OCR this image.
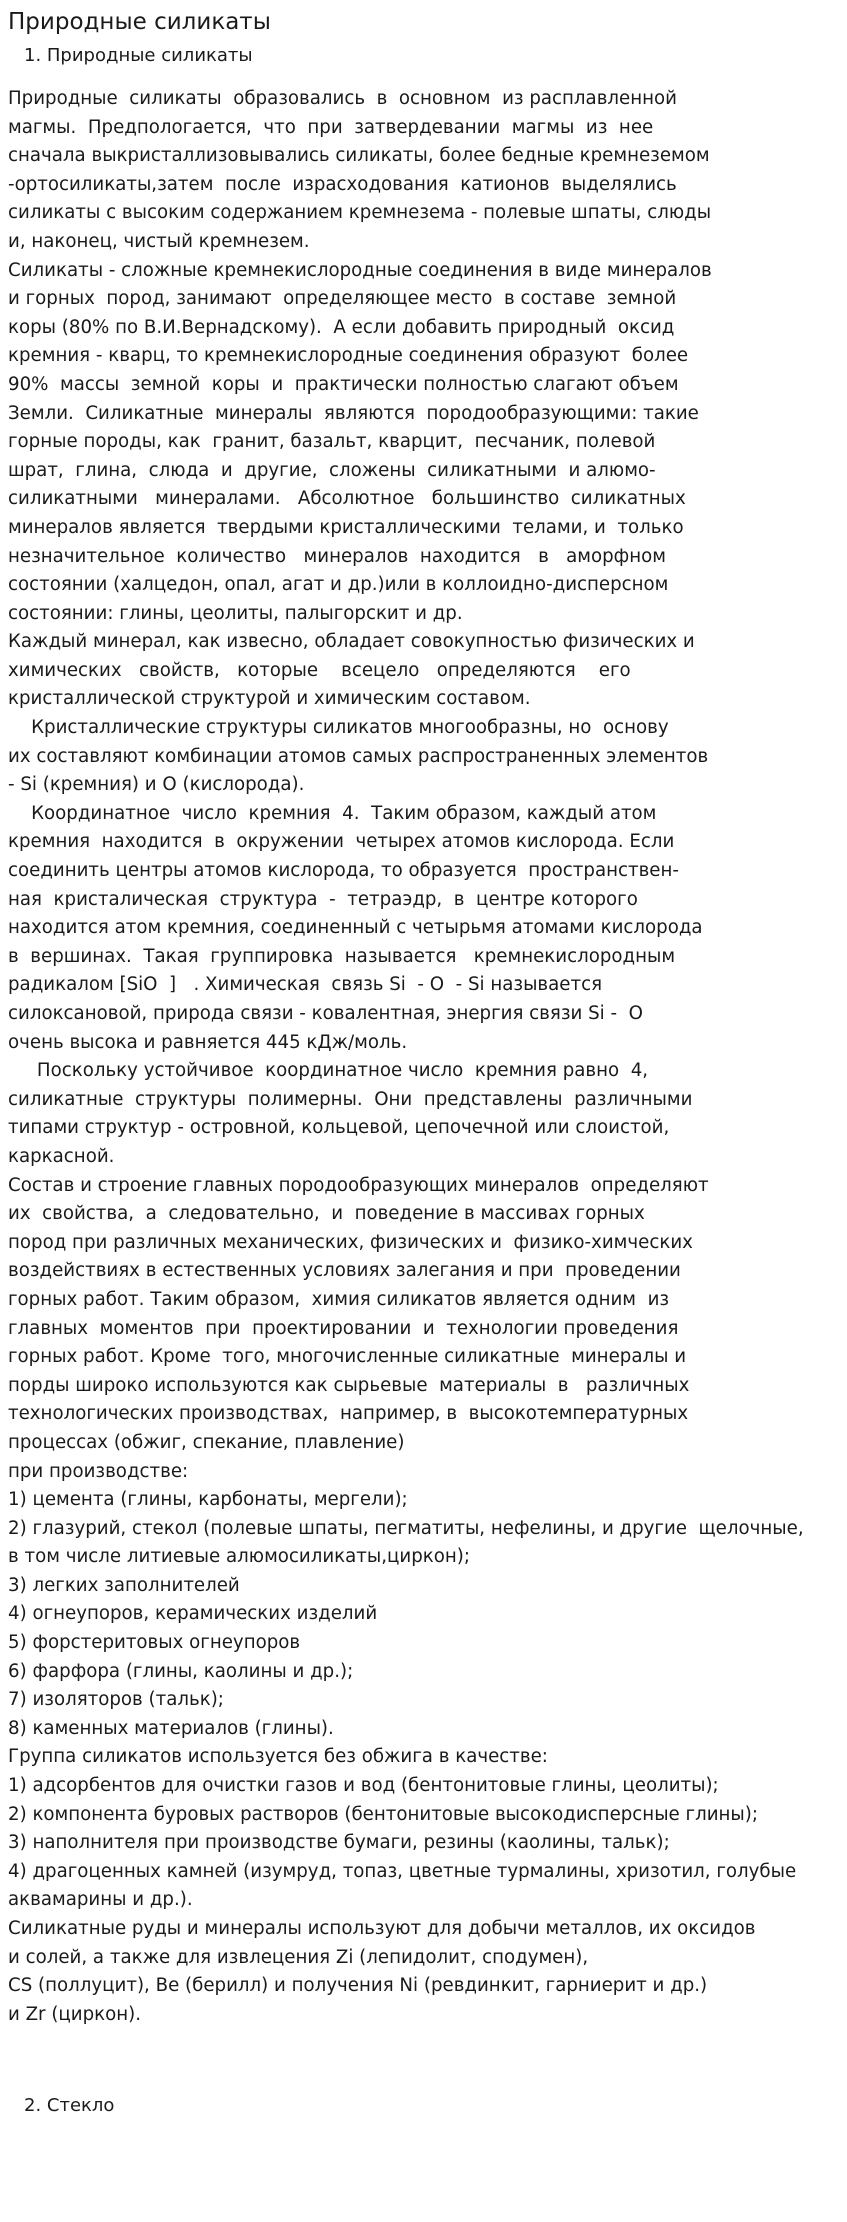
Природные силикаты
1. Природные силикаты
Природные  силикаты  образовались  в  основном  из расплавленной
магмы.  Предпологается,  что  при  затвердевании  магмы  из  нее
сначала выкристаллизовывались силикаты, более бедные кремнеземом
-ортосиликаты,затем  после  израсходования  катионов  выделялись
силикаты с высоким содержанием кремнезема - полевые шпаты, слюды
и, наконец, чистый кремнезем.
Силикаты - сложные кремнекислородные соединения в виде минералов
и горных  пород, занимают  определяющее место  в составе  земной
коры (80% по В.И.Вернадскому).  А если добавить природный  оксид
кремния - кварц, то кремнекислородные соединения образуют  более
90%  массы  земной  коры  и  практически полностью слагают объем
Земли.  Силикатные  минералы  являются  породообразующими: такие
горные породы, как  гранит, базальт, кварцит,  песчаник, полевой
шрат,  глина,  слюда  и  другие,  сложены  силикатными  и алюмо-
силикатными   минералами.   Абсолютное   большинство  силикатных
минералов является  твердыми кристаллическими  телами, и  только
незначительное  количество   минералов  находится   в   аморфном
состоянии (халцедон, опал, агат и др.)или в коллоидно-дисперсном
состоянии: глины, цеолиты, палыгорскит и др.
Каждый минерал, как извесно, обладает совокупностью физических и
химических   свойств,   которые    всецело   определяются    его
кристаллической структурой и химическим составом.
Кристаллические структуры силикатов многообразны, но  основу
их составляют комбинации атомов самых распространенных элементов
- Si (кремния) и O (кислорода).
Координатное  число  кремния  4.  Таким образом, каждый атом
кремния  находится  в  окружении  четырех атомов кислорода. Если
соединить центры атомов кислорода, то образуется  пространствен-
ная  кристалическая  структура  -  тетраэдр,  в  центре которого
находится атом кремния, соединенный с четырьмя атомами кислорода
в  вершинах.  Такая  группировка  называется   кремнекислородным
радикалом [SiO  ]   . Химическая  связь Si  - O  - Si называется
силоксановой, природа связи - ковалентная, энергия связи Si -  O
очень высока и равняется 445 кДж/моль.
Поскольку устойчивое  координатное число  кремния равно  4,
силикатные  структуры  полимерны.  Они  представлены  различными
типами структур - островной, кольцевой, цепочечной или слоистой,
каркасной.
Состав и строение главных породообразующих минералов  определяют
их  свойства,  а  следовательно,  и  поведение в массивах горных
пород при различных механических, физических и  физико-химческих
воздействиях в естественных условиях залегания и при  проведении
горных работ. Таким образом,  химия силикатов является одним  из
главных  моментов  при  проектировании  и  технологии проведения
горных работ. Кроме  того, многочисленные силикатные  минералы и
порды широко используются как сырьевые  материалы  в   различных
технологических производствах,  например, в  высокотемпературных
процессах (обжиг, спекание, плавление)
при производстве:
1) цемента (глины, карбонаты, мергели);
2) глазурий, стекол (полевые шпаты, пегматиты, нефелины, и другие  щелочные,
в том числе литиевые алюмосиликаты,циркон);
3) легких заполнителей
4) огнеупоров, керамических изделий
5) форстеритовых огнеупоров
6) фарфора (глины, каолины и др.);
7) изоляторов (тальк);
8) каменных материалов (глины).
Группа силикатов используется без обжига в качестве:
1) адсорбентов для очистки газов и вод (бентонитовые глины, цеолиты);
2) компонента буровых растворов (бентонитовые высокодисперсные глины);
3) наполнителя при производстве бумаги, резины (каолины, тальк);
4) драгоценных камней (изумруд, топаз, цветные турмалины, хризотил, голубые
аквамарины и др.).
Силикатные руды и минералы используют для добычи металлов, их оксидов
и солей, а также для извлецения Zi (лепидолит, сподумен),
CS (поллуцит), Be (берилл) и получения Ni (ревдинкит, гарниерит и др.)
и Zr (циркон).
2. Стекло
